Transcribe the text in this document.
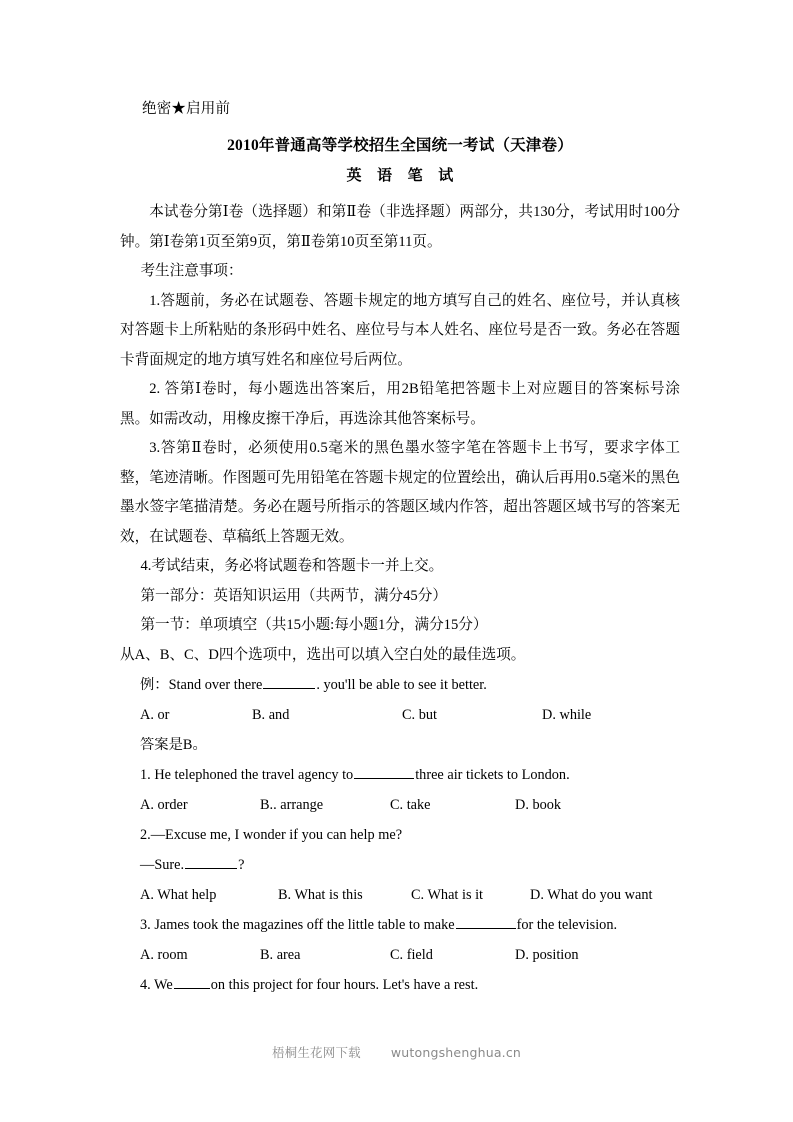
绝密★启用前
2010年普通高等学校招生全国统一考试（天津卷）
英　语　笔　试

本试卷分第Ⅰ卷（选择题）和第Ⅱ卷（非选择题）两部分，共130分，考试用时100分钟。第Ⅰ卷第1页至第9页，第Ⅱ卷第10页至第11页。

考生注意事项：

1.答题前，务必在试题卷、答题卡规定的地方填写自己的姓名、座位号，并认真核对答题卡上所粘贴的条形码中姓名、座位号与本人姓名、座位号是否一致。务必在答题卡背面规定的地方填写姓名和座位号后两位。

2. 答第Ⅰ卷时，每小题选出答案后，用2B铅笔把答题卡上对应题目的答案标号涂黑。如需改动，用橡皮擦干净后，再选涂其他答案标号。

3.答第Ⅱ卷时，必须使用0.5毫米的黑色墨水签字笔在答题卡上书写，要求字体工整，笔迹清晰。作图题可先用铅笔在答题卡规定的位置绘出，确认后再用0.5毫米的黑色墨水签字笔描清楚。务必在题号所指示的答题区域内作答，超出答题区域书写的答案无效，在试题卷、草稿纸上答题无效。

4.考试结束，务必将试题卷和答题卡一并上交。

第一部分：英语知识运用（共两节，满分45分）

第一节：单项填空（共15小题:每小题1分，满分15分）

从A、B、C、D四个选项中，选出可以填入空白处的最佳选项。

例：Stand over there	. you'll be able to see it better.

A. or	B. and	C. but	D. while

答案是B。

1. He telephoned the travel agency to	three air tickets to London.

A. order	B.. arrange	C. take	D. book

2.—Excuse me, I wonder if you can help me?

—Sure.	?

A. What help	B. What is this	C. What is it	D. What do you want

3. James took the magazines off the little table to make	for the television.

A. room	B. area	C. field	D. position

4. We	on this project for four hours. Let's have a rest.

梧桐生花网下载 wutongshenghua.cn
